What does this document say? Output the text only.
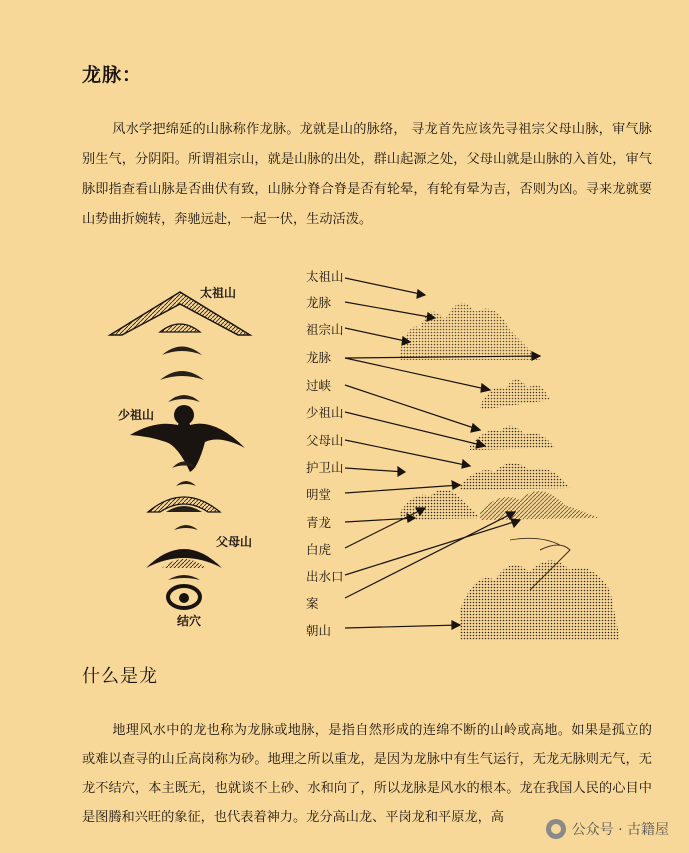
龙脉：
风水学把绵延的山脉称作龙脉。龙就是山的脉络， 寻龙首先应该先寻祖宗父母山脉，审气脉别生气，分阴阳。所谓祖宗山，就是山脉的出处，群山起源之处，父母山就是山脉的入首处，审气脉即指查看山脉是否曲伏有致，山脉分脊合脊是否有轮晕，有轮有晕为吉，否则为凶。寻来龙就要山势曲折婉转，奔驰远赴，一起一伏，生动活泼。
太祖山
少祖山
父母山
结穴
太祖山
龙脉
祖宗山
龙脉
过峡
少祖山
父母山
护卫山
明堂
青龙
白虎
出水口
案
朝山
什么是龙
地理风水中的龙也称为龙脉或地脉，是指自然形成的连绵不断的山岭或高地。如果是孤立的或难以查寻的山丘高岗称为砂。地理之所以重龙，是因为龙脉中有生气运行，无龙无脉则无气，无龙不结穴，本主既无，也就谈不上砂、水和向了，所以龙脉是风水的根本。龙在我国人民的心目中是图腾和兴旺的象征，也代表着神力。龙分高山龙、平岗龙和平原龙，高
公众号 · 古籍屋
